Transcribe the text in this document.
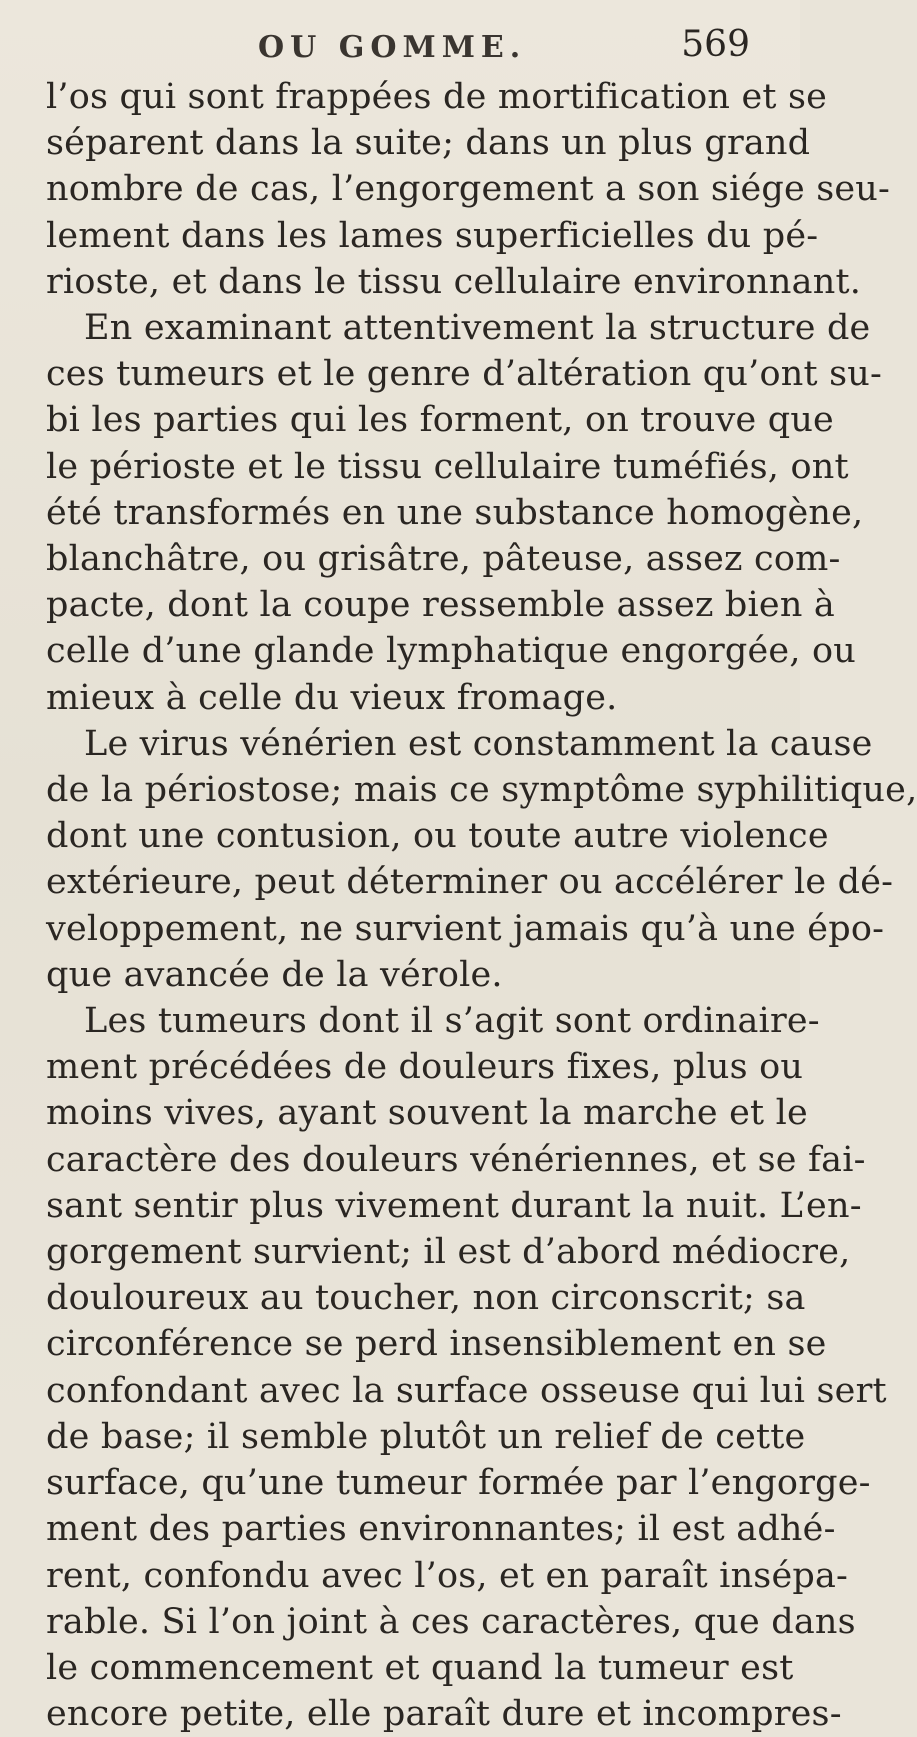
OU GOMME.	569
l’os qui sont frappées de mortification et se
séparent dans la suite; dans un plus grand
nombre de cas, l’engorgement a son siége seu-
lement dans les lames superficielles du pé-
rioste, et dans le tissu cellulaire environnant.
En examinant attentivement la structure de
ces tumeurs et le genre d’altération qu’ont su-
bi les parties qui les forment, on trouve que
le périoste et le tissu cellulaire tuméfiés, ont
été transformés en une substance homogène,
blanchâtre, ou grisâtre, pâteuse, assez com-
pacte, dont la coupe ressemble assez bien à
celle d’une glande lymphatique engorgée, ou
mieux à celle du vieux fromage.
Le virus vénérien est constamment la cause
de la périostose; mais ce symptôme syphilitique,
dont une contusion, ou toute autre violence
extérieure, peut déterminer ou accélérer le dé-
veloppement, ne survient jamais qu’à une épo-
que avancée de la vérole.
Les tumeurs dont il s’agit sont ordinaire-
ment précédées de douleurs fixes, plus ou
moins vives, ayant souvent la marche et le
caractère des douleurs vénériennes, et se fai-
sant sentir plus vivement durant la nuit. L’en-
gorgement survient; il est d’abord médiocre,
douloureux au toucher, non circonscrit; sa
circonférence se perd insensiblement en se
confondant avec la surface osseuse qui lui sert
de base; il semble plutôt un relief de cette
surface, qu’une tumeur formée par l’engorge-
ment des parties environnantes; il est adhé-
rent, confondu avec l’os, et en paraît insépa-
rable. Si l’on joint à ces caractères, que dans
le commencement et quand la tumeur est
encore petite, elle paraît dure et incompres-
